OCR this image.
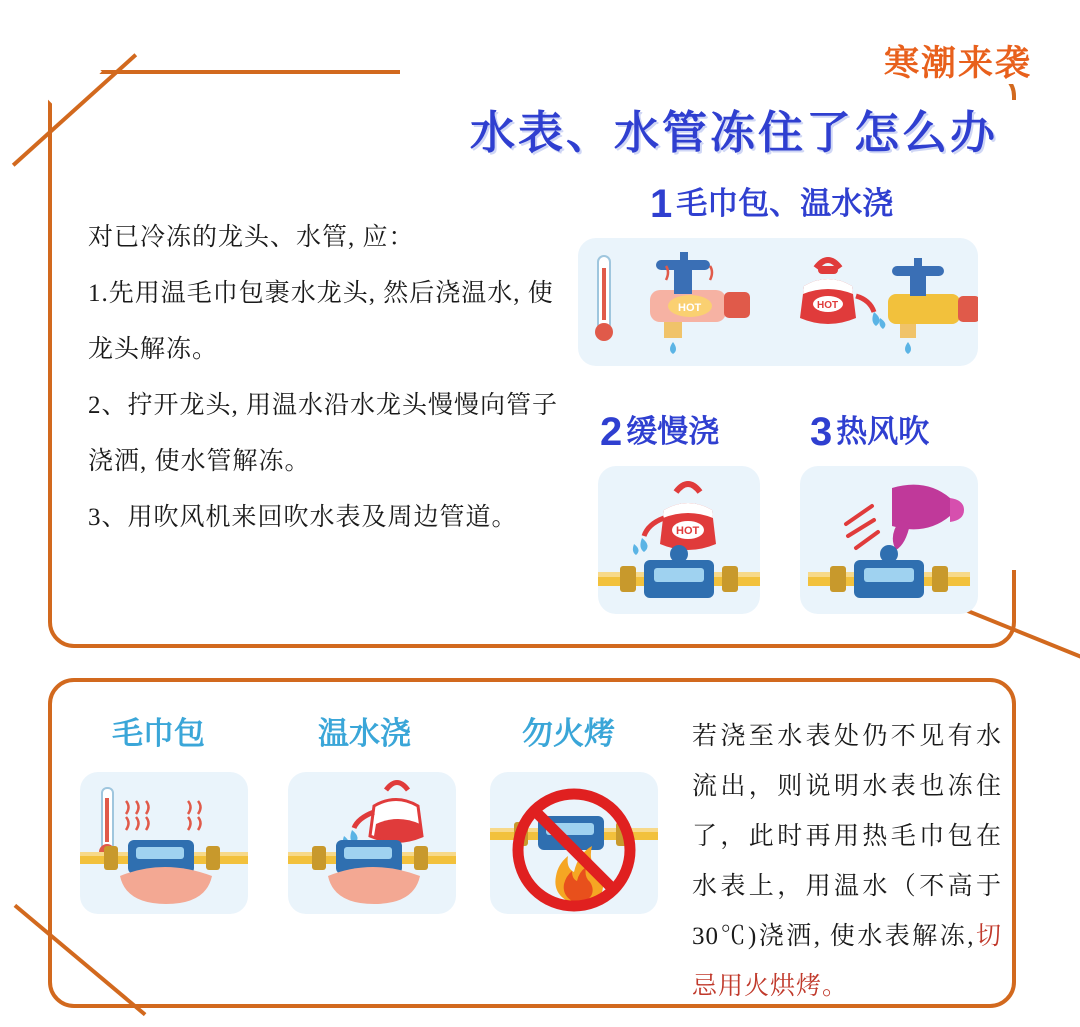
寒潮来袭
水表、水管冻住了怎么办

对已冷冻的龙头、水管, 应：

1.先用温毛巾包裹水龙头, 然后浇温水, 使龙头解冻。

2、拧开龙头, 用温水沿水龙头慢慢向管子浇洒, 使水管解冻。

3、用吹风机来回吹水表及周边管道。

1 毛巾包、温水浇
HOT	HOT
2 缓慢浇
HOT
3 热风吹
毛巾包	温水浇	勿火烤	若浇至水表处仍不见有水流出，则说明水表也冻住了，此时再用热毛巾包在水表上，用温水（不高于30℃)浇洒, 使水表解冻,切忌用火烘烤。
